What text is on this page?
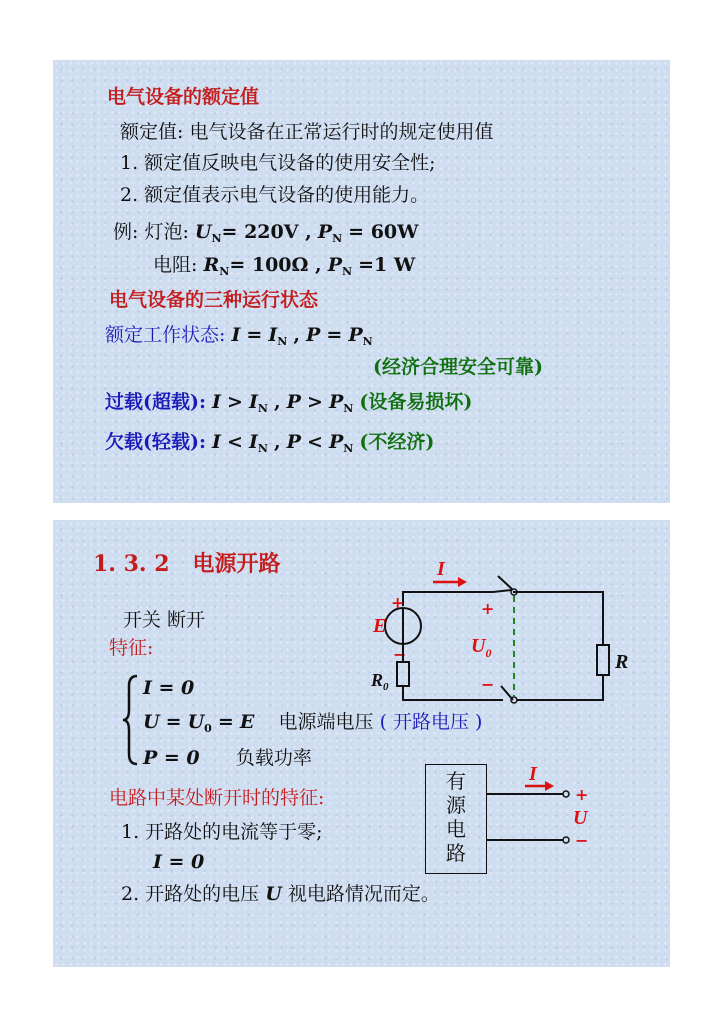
电气设备的额定值
额定值: 电气设备在正常运行时的规定使用值
1. 额定值反映电气设备的使用安全性;
2. 额定值表示电气设备的使用能力。
例: 灯泡: $U_N= 220V$ , $P_N = 60W$
电阻: $R_N= 100\Omega$ , $P_N =1$ W
电气设备的三种运行状态
额定工作状态: $I = I_N$ , $P = P_N$
(经济合理安全可靠)
过载(超载): $I > I_N$ , $P > P_N$ (设备易损坏)
欠载(轻载): $I < I_N$ , $P < P_N$ (不经济)
1. 3. 2 电源开路
开关 断开
特征:
I = 0
$U = U_0 = E$ 电源端电压 ( 开路电压 )
P = 0 负载功率
电路中某处断开时的特征:
1. 开路处的电流等于零;
I = 0
2. 开路处的电压 U 视电路情况而定。
I
+
E
−
$R_0$
R
+
$U_0$
−
有
源
电
路
I
+
U
−
